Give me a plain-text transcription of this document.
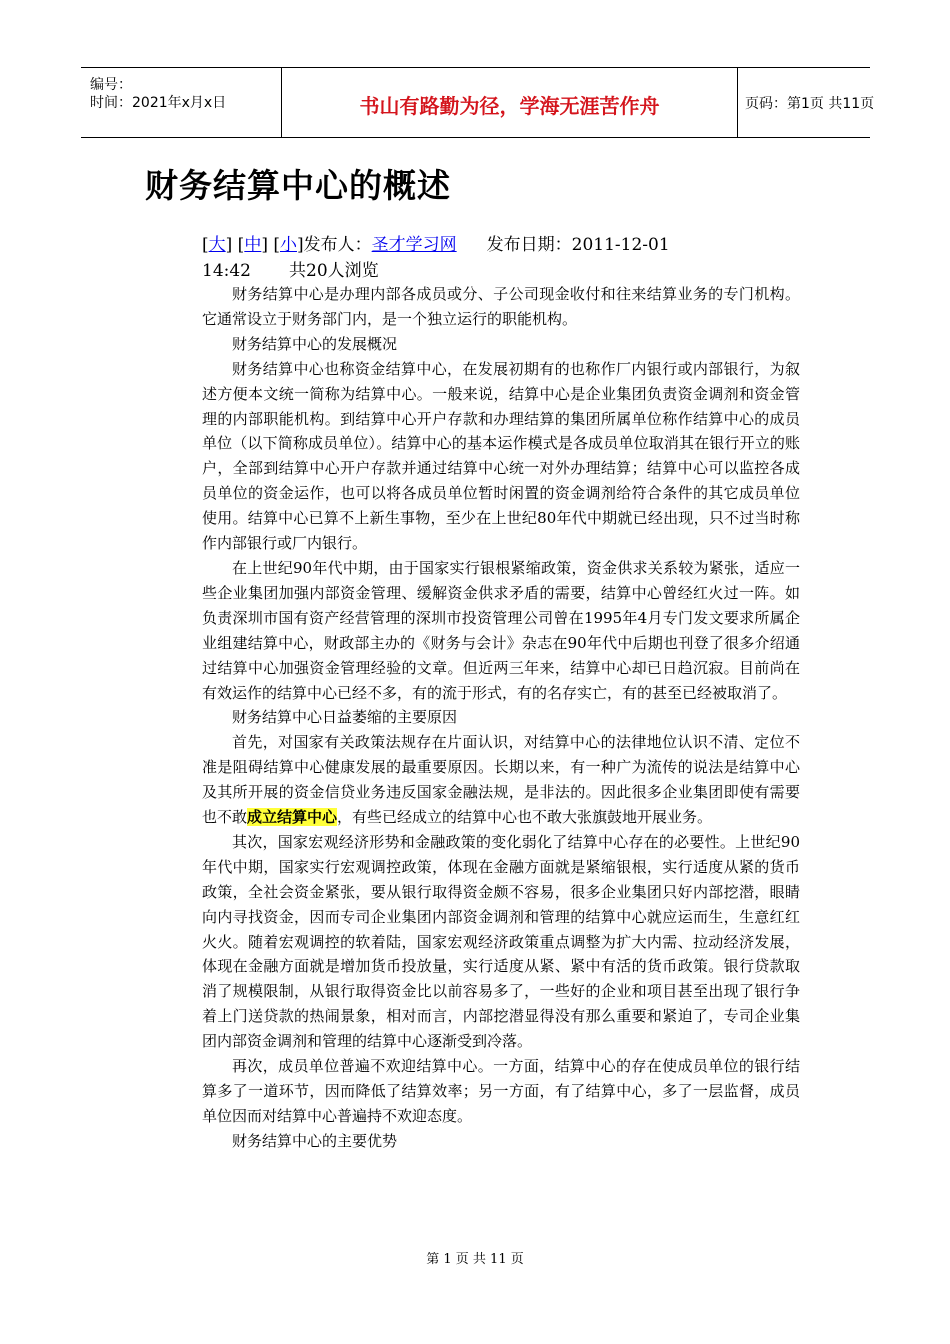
编号：
时间：2021年x月x日	书山有路勤为径，学海无涯苦作舟	页码：第1页 共11页
财务结算中心的概述
[大] [中] [小]发布人：圣才学习网 发布日期：2011-12-01
14:42 共20人浏览

财务结算中心是办理内部各成员或分、子公司现金收付和往来结算业务的专门机构。它通常设立于财务部门内，是一个独立运行的职能机构。

财务结算中心的发展概况

财务结算中心也称资金结算中心，在发展初期有的也称作厂内银行或内部银行，为叙述方便本文统一简称为结算中心。一般来说，结算中心是企业集团负责资金调剂和资金管理的内部职能机构。到结算中心开户存款和办理结算的集团所属单位称作结算中心的成员单位（以下简称成员单位）。结算中心的基本运作模式是各成员单位取消其在银行开立的账户，全部到结算中心开户存款并通过结算中心统一对外办理结算；结算中心可以监控各成员单位的资金运作，也可以将各成员单位暂时闲置的资金调剂给符合条件的其它成员单位使用。结算中心已算不上新生事物，至少在上世纪80年代中期就已经出现，只不过当时称作内部银行或厂内银行。

在上世纪90年代中期，由于国家实行银根紧缩政策，资金供求关系较为紧张，适应一些企业集团加强内部资金管理、缓解资金供求矛盾的需要，结算中心曾经红火过一阵。如负责深圳市国有资产经营管理的深圳市投资管理公司曾在1995年4月专门发文要求所属企业组建结算中心，财政部主办的《财务与会计》杂志在90年代中后期也刊登了很多介绍通过结算中心加强资金管理经验的文章。但近两三年来，结算中心却已日趋沉寂。目前尚在有效运作的结算中心已经不多，有的流于形式，有的名存实亡，有的甚至已经被取消了。

财务结算中心日益萎缩的主要原因

首先，对国家有关政策法规存在片面认识，对结算中心的法律地位认识不清、定位不准是阻碍结算中心健康发展的最重要原因。长期以来，有一种广为流传的说法是结算中心及其所开展的资金信贷业务违反国家金融法规，是非法的。因此很多企业集团即使有需要也不敢成立结算中心，有些已经成立的结算中心也不敢大张旗鼓地开展业务。

其次，国家宏观经济形势和金融政策的变化弱化了结算中心存在的必要性。上世纪90年代中期，国家实行宏观调控政策，体现在金融方面就是紧缩银根，实行适度从紧的货币政策，全社会资金紧张，要从银行取得资金颇不容易，很多企业集团只好内部挖潜，眼睛向内寻找资金，因而专司企业集团内部资金调剂和管理的结算中心就应运而生，生意红红火火。随着宏观调控的软着陆，国家宏观经济政策重点调整为扩大内需、拉动经济发展，体现在金融方面就是增加货币投放量，实行适度从紧、紧中有活的货币政策。银行贷款取消了规模限制，从银行取得资金比以前容易多了，一些好的企业和项目甚至出现了银行争着上门送贷款的热闹景象，相对而言，内部挖潜显得没有那么重要和紧迫了，专司企业集团内部资金调剂和管理的结算中心逐渐受到冷落。

再次，成员单位普遍不欢迎结算中心。一方面，结算中心的存在使成员单位的银行结算多了一道环节，因而降低了结算效率；另一方面，有了结算中心，多了一层监督，成员单位因而对结算中心普遍持不欢迎态度。

财务结算中心的主要优势

第 1 页 共 11 页
